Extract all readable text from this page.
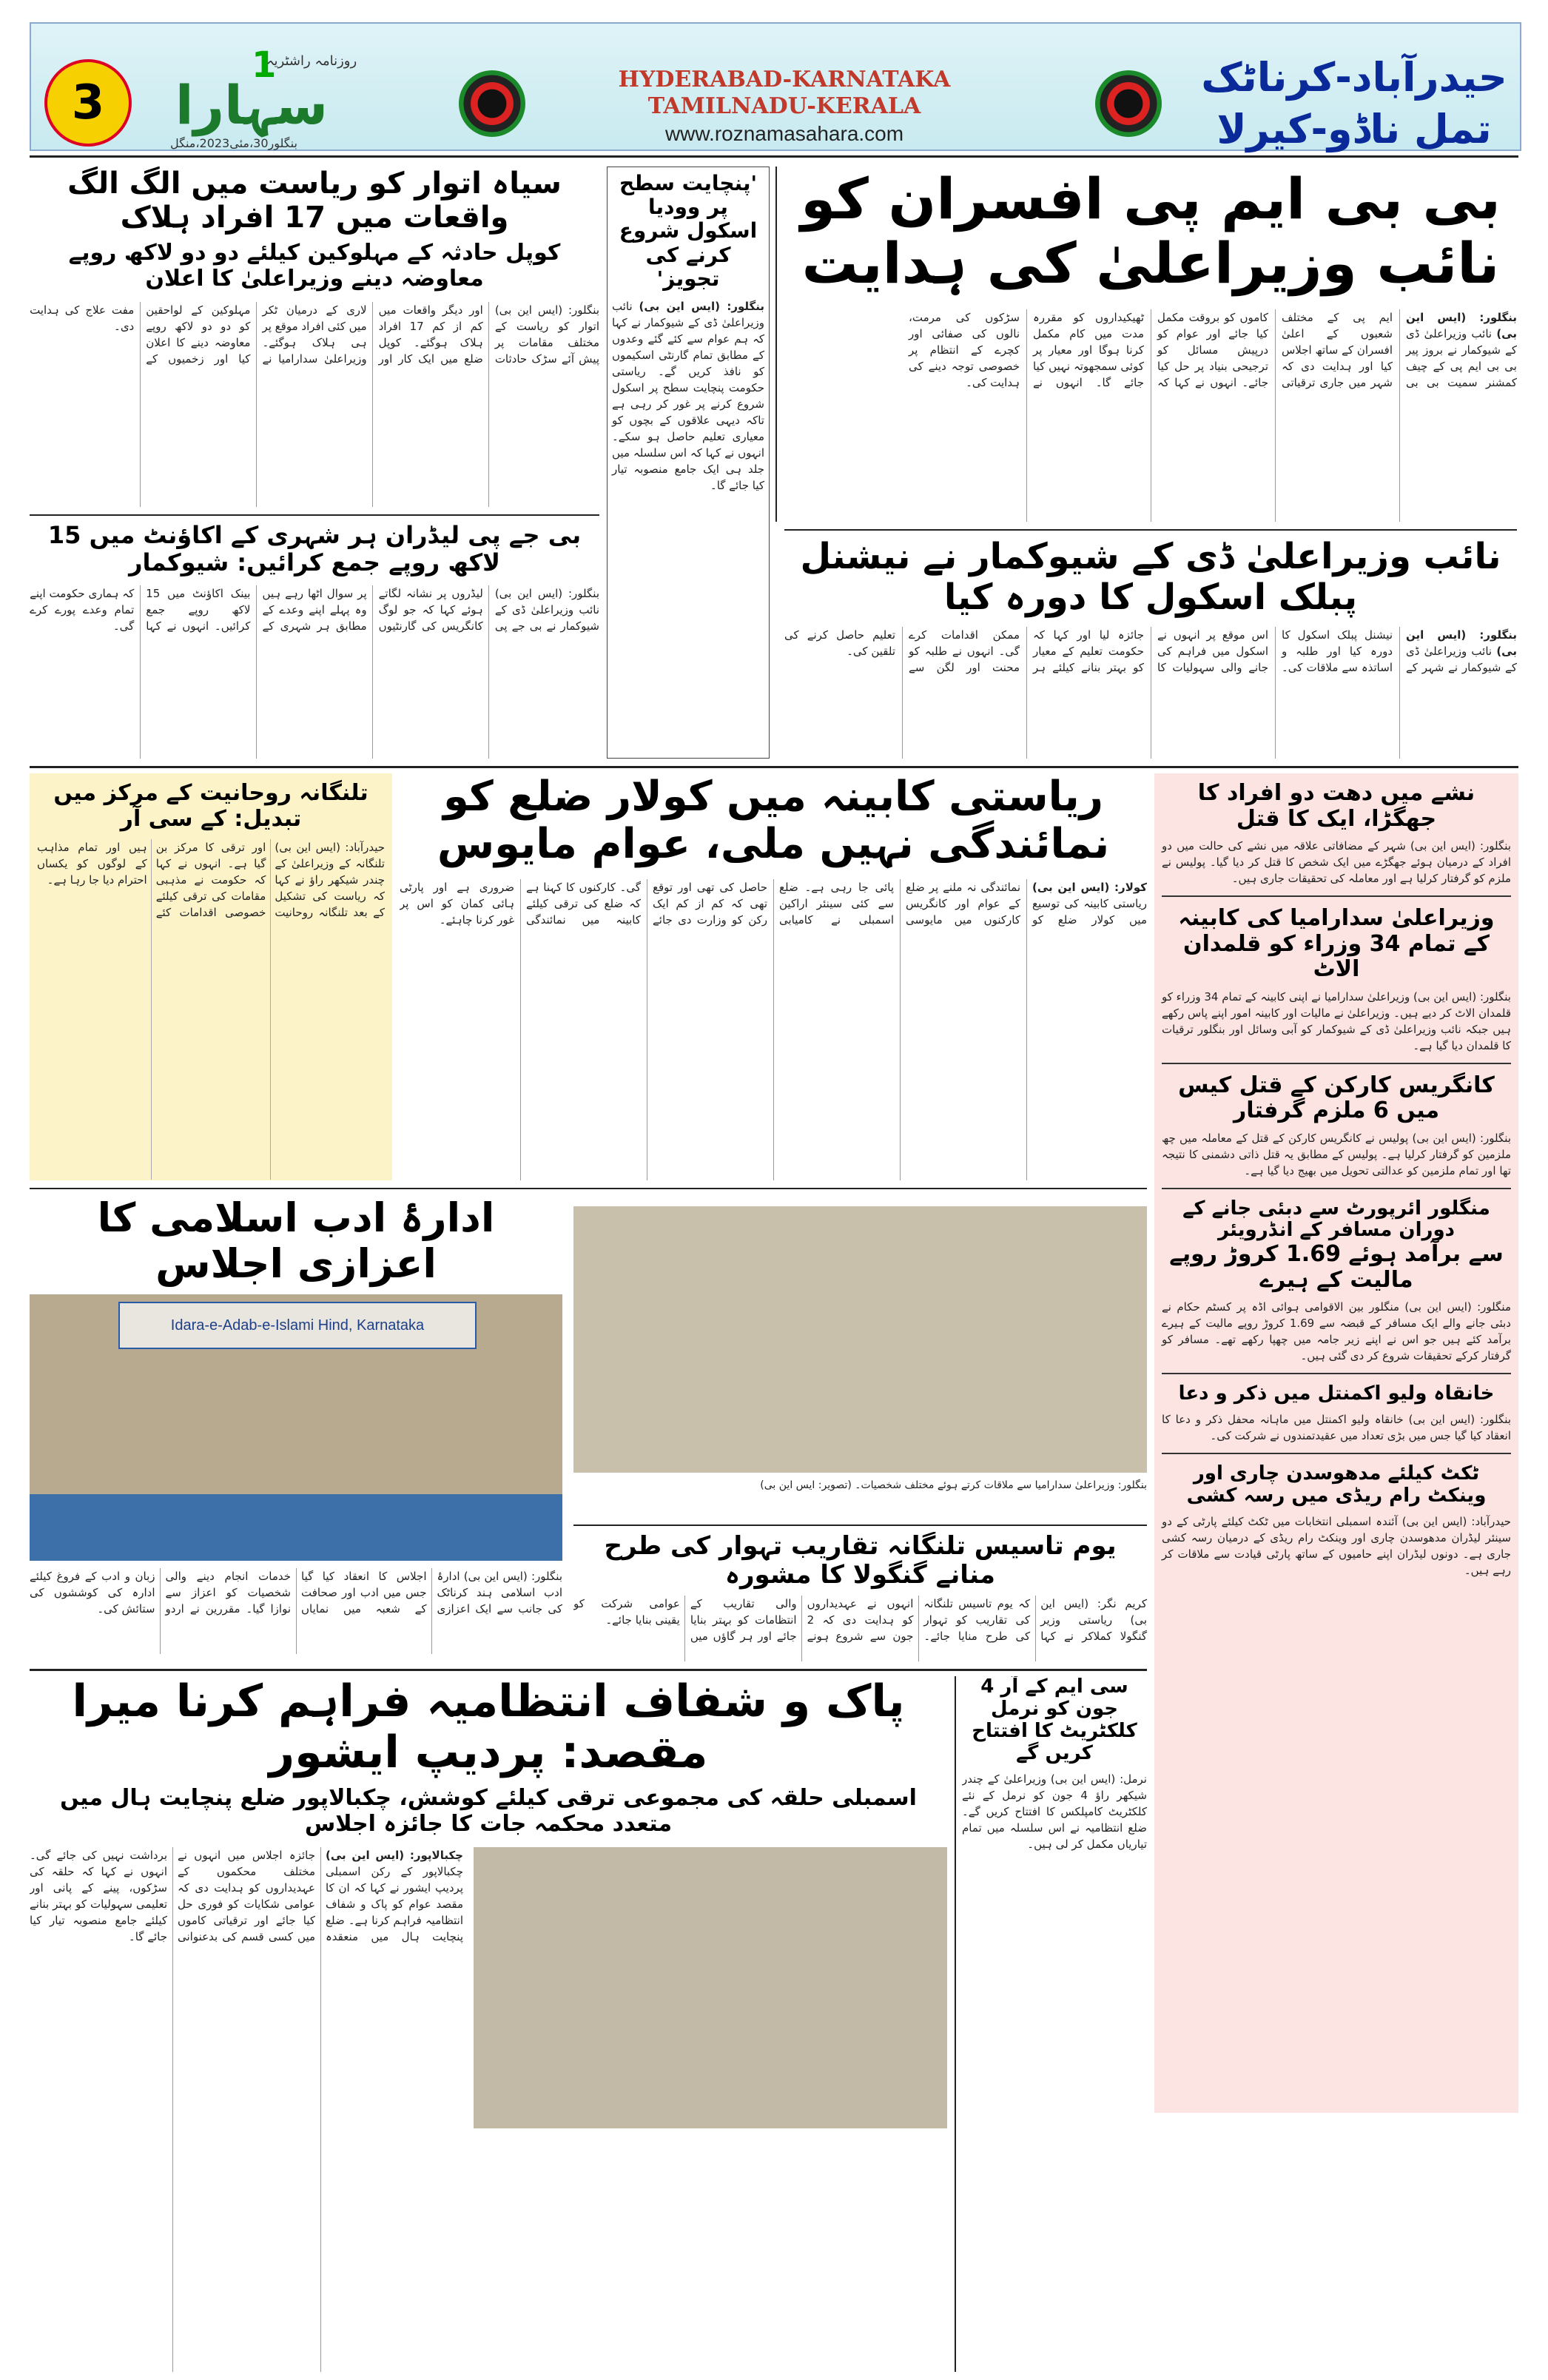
3
1
روزنامہ راشٹریہ
سہارا
بنگلور30،مئی2023،منگل
HYDERABAD-KARNATAKA
TAMILNADU-KERALA
www.roznamasahara.com
حیدرآباد-کرناٹک
تمل ناڈو-کیرلا
بی بی ایم پی افسران کو نائب وزیراعلیٰ کی ہدایت
بنگلور: (ایس این بی) نائب وزیراعلیٰ ڈی کے شیوکمار نے بروز پیر بی بی ایم پی کے چیف کمشنر سمیت بی بی ایم پی کے مختلف شعبوں کے اعلیٰ افسران کے ساتھ اجلاس کیا اور ہدایت دی کہ شہر میں جاری ترقیاتی کاموں کو بروقت مکمل کیا جائے اور عوام کو درپیش مسائل کو ترجیحی بنیاد پر حل کیا جائے۔ انہوں نے کہا کہ ٹھیکیداروں کو مقررہ مدت میں کام مکمل کرنا ہوگا اور معیار پر کوئی سمجھوتہ نہیں کیا جائے گا۔ انہوں نے سڑکوں کی مرمت، نالوں کی صفائی اور کچرے کے انتظام پر خصوصی توجہ دینے کی ہدایت کی۔
'پنچایت سطح پر وودیا اسکول شروع کرنے کی تجویز'
بنگلور: (ایس این بی) نائب وزیراعلیٰ ڈی کے شیوکمار نے کہا کہ ہم عوام سے کئے گئے وعدوں کے مطابق تمام گارنٹی اسکیموں کو نافذ کریں گے۔ ریاستی حکومت پنچایت سطح پر اسکول شروع کرنے پر غور کر رہی ہے تاکہ دیہی علاقوں کے بچوں کو معیاری تعلیم حاصل ہو سکے۔ انہوں نے کہا کہ اس سلسلہ میں جلد ہی ایک جامع منصوبہ تیار کیا جائے گا۔
سیاہ اتوار کو ریاست میں الگ الگ واقعات میں 17 افراد ہلاک
کوپل حادثہ کے مہلوکین کیلئے دو دو لاکھ روپے معاوضہ دینے وزیراعلیٰ کا اعلان
بنگلور: (ایس این بی) اتوار کو ریاست کے مختلف مقامات پر پیش آئے سڑک حادثات اور دیگر واقعات میں کم از کم 17 افراد ہلاک ہوگئے۔ کوپل ضلع میں ایک کار اور لاری کے درمیان ٹکر میں کئی افراد موقع پر ہی ہلاک ہوگئے۔ وزیراعلیٰ سدارامیا نے مہلوکین کے لواحقین کو دو دو لاکھ روپے معاوضہ دینے کا اعلان کیا اور زخمیوں کے مفت علاج کی ہدایت دی۔
بی جے پی لیڈران ہر شہری کے اکاؤنٹ میں 15 لاکھ روپے جمع کرائیں: شیوکمار
بنگلور: (ایس این بی) نائب وزیراعلیٰ ڈی کے شیوکمار نے بی جے پی لیڈروں پر نشانہ لگاتے ہوئے کہا کہ جو لوگ کانگریس کی گارنٹیوں پر سوال اٹھا رہے ہیں وہ پہلے اپنے وعدے کے مطابق ہر شہری کے بینک اکاؤنٹ میں 15 لاکھ روپے جمع کرائیں۔ انہوں نے کہا کہ ہماری حکومت اپنے تمام وعدے پورے کرے گی۔
نائب وزیراعلیٰ ڈی کے شیوکمار نے نیشنل پبلک اسکول کا دورہ کیا
بنگلور: (ایس این بی) نائب وزیراعلیٰ ڈی کے شیوکمار نے شہر کے نیشنل پبلک اسکول کا دورہ کیا اور طلبہ و اساتذہ سے ملاقات کی۔ اس موقع پر انہوں نے اسکول میں فراہم کی جانے والی سہولیات کا جائزہ لیا اور کہا کہ حکومت تعلیم کے معیار کو بہتر بنانے کیلئے ہر ممکن اقدامات کرے گی۔ انہوں نے طلبہ کو محنت اور لگن سے تعلیم حاصل کرنے کی تلقین کی۔
نشے میں دھت دو افراد کا جھگڑا، ایک کا قتل
بنگلور: (ایس این بی) شہر کے مضافاتی علاقہ میں نشے کی حالت میں دو افراد کے درمیان ہوئے جھگڑے میں ایک شخص کا قتل کر دیا گیا۔ پولیس نے ملزم کو گرفتار کرلیا ہے اور معاملہ کی تحقیقات جاری ہیں۔
وزیراعلیٰ سدارامیا کی کابینہ کے تمام 34 وزراء کو قلمدان الاٹ
بنگلور: (ایس این بی) وزیراعلیٰ سدارامیا نے اپنی کابینہ کے تمام 34 وزراء کو قلمدان الاٹ کر دیے ہیں۔ وزیراعلیٰ نے مالیات اور کابینہ امور اپنے پاس رکھے ہیں جبکہ نائب وزیراعلیٰ ڈی کے شیوکمار کو آبی وسائل اور بنگلور ترقیات کا قلمدان دیا گیا ہے۔
کانگریس کارکن کے قتل کیس میں 6 ملزم گرفتار
بنگلور: (ایس این بی) پولیس نے کانگریس کارکن کے قتل کے معاملہ میں چھ ملزمین کو گرفتار کرلیا ہے۔ پولیس کے مطابق یہ قتل ذاتی دشمنی کا نتیجہ تھا اور تمام ملزمین کو عدالتی تحویل میں بھیج دیا گیا ہے۔
منگلور ائرپورٹ سے دبئی جانے کے دوران مسافر کے انڈرویئر
سے برآمد ہوئے 1.69 کروڑ روپے مالیت کے ہیرے
منگلور: (ایس این بی) منگلور بین الاقوامی ہوائی اڈہ پر کسٹم حکام نے دبئی جانے والے ایک مسافر کے قبضہ سے 1.69 کروڑ روپے مالیت کے ہیرے برآمد کئے ہیں جو اس نے اپنے زیر جامہ میں چھپا رکھے تھے۔ مسافر کو گرفتار کرکے تحقیقات شروع کر دی گئی ہیں۔
خانقاہ ولیو اکمنتل میں ذکر و دعا
بنگلور: (ایس این بی) خانقاہ ولیو اکمنتل میں ماہانہ محفل ذکر و دعا کا انعقاد کیا گیا جس میں بڑی تعداد میں عقیدتمندوں نے شرکت کی۔
ٹکٹ کیلئے مدھوسدن چاری اور وینکٹ رام ریڈی میں رسہ کشی
حیدرآباد: (ایس این بی) آئندہ اسمبلی انتخابات میں ٹکٹ کیلئے پارٹی کے دو سینئر لیڈران مدھوسدن چاری اور وینکٹ رام ریڈی کے درمیان رسہ کشی جاری ہے۔ دونوں لیڈران اپنے حامیوں کے ساتھ پارٹی قیادت سے ملاقات کر رہے ہیں۔
ریاستی کابینہ میں کولار ضلع کو نمائندگی نہیں ملی، عوام مایوس
کولار: (ایس این بی) ریاستی کابینہ کی توسیع میں کولار ضلع کو نمائندگی نہ ملنے پر ضلع کے عوام اور کانگریس کارکنوں میں مایوسی پائی جا رہی ہے۔ ضلع سے کئی سینئر اراکین اسمبلی نے کامیابی حاصل کی تھی اور توقع تھی کہ کم از کم ایک رکن کو وزارت دی جائے گی۔ کارکنوں کا کہنا ہے کہ ضلع کی ترقی کیلئے کابینہ میں نمائندگی ضروری ہے اور پارٹی ہائی کمان کو اس پر غور کرنا چاہئے۔
تلنگانہ روحانیت کے مرکز میں تبدیل: کے سی آر
حیدرآباد: (ایس این بی) تلنگانہ کے وزیراعلیٰ کے چندر شیکھر راؤ نے کہا کہ ریاست کی تشکیل کے بعد تلنگانہ روحانیت اور ترقی کا مرکز بن گیا ہے۔ انہوں نے کہا کہ حکومت نے مذہبی مقامات کی ترقی کیلئے خصوصی اقدامات کئے ہیں اور تمام مذاہب کے لوگوں کو یکساں احترام دیا جا رہا ہے۔
ادارۂ ادب اسلامی کا اعزازی اجلاس
Idara-e-Adab-e-Islami Hind, Karnataka
بنگلور: (ایس این بی) ادارۂ ادب اسلامی ہند کرناٹک کی جانب سے ایک اعزازی اجلاس کا انعقاد کیا گیا جس میں ادب اور صحافت کے شعبہ میں نمایاں خدمات انجام دینے والی شخصیات کو اعزاز سے نوازا گیا۔ مقررین نے اردو زبان و ادب کے فروغ کیلئے ادارہ کی کوششوں کی ستائش کی۔
بنگلور: وزیراعلیٰ سدارامیا سے ملاقات کرتے ہوئے مختلف شخصیات۔ (تصویر: ایس این بی)
یوم تاسیس تلنگانہ تقاریب تہوار کی طرح منانے گنگولا کا مشورہ
کریم نگر: (ایس این بی) ریاستی وزیر گنگولا کملاکر نے کہا کہ یوم تاسیس تلنگانہ کی تقاریب کو تہوار کی طرح منایا جائے۔ انہوں نے عہدیداروں کو ہدایت دی کہ 2 جون سے شروع ہونے والی تقاریب کے انتظامات کو بہتر بنایا جائے اور ہر گاؤں میں عوامی شرکت کو یقینی بنایا جائے۔
سی ایم کے آر 4 جون کو نرمل کلکٹریٹ کا افتتاح کریں گے
نرمل: (ایس این بی) وزیراعلیٰ کے چندر شیکھر راؤ 4 جون کو نرمل کے نئے کلکٹریٹ کامپلکس کا افتتاح کریں گے۔ ضلع انتظامیہ نے اس سلسلہ میں تمام تیاریاں مکمل کر لی ہیں۔
پاک و شفاف انتظامیہ فراہم کرنا میرا مقصد: پردیپ ایشور
اسمبلی حلقہ کی مجموعی ترقی کیلئے کوشش، چکبالاپور ضلع پنچایت ہال میں متعدد محکمہ جات کا جائزہ اجلاس
چکبالاپور: (ایس این بی) چکبالاپور کے رکن اسمبلی پردیپ ایشور نے کہا کہ ان کا مقصد عوام کو پاک و شفاف انتظامیہ فراہم کرنا ہے۔ ضلع پنچایت ہال میں منعقدہ جائزہ اجلاس میں انہوں نے مختلف محکموں کے عہدیداروں کو ہدایت دی کہ عوامی شکایات کو فوری حل کیا جائے اور ترقیاتی کاموں میں کسی قسم کی بدعنوانی برداشت نہیں کی جائے گی۔ انہوں نے کہا کہ حلقہ کی سڑکوں، پینے کے پانی اور تعلیمی سہولیات کو بہتر بنانے کیلئے جامع منصوبہ تیار کیا جائے گا۔
